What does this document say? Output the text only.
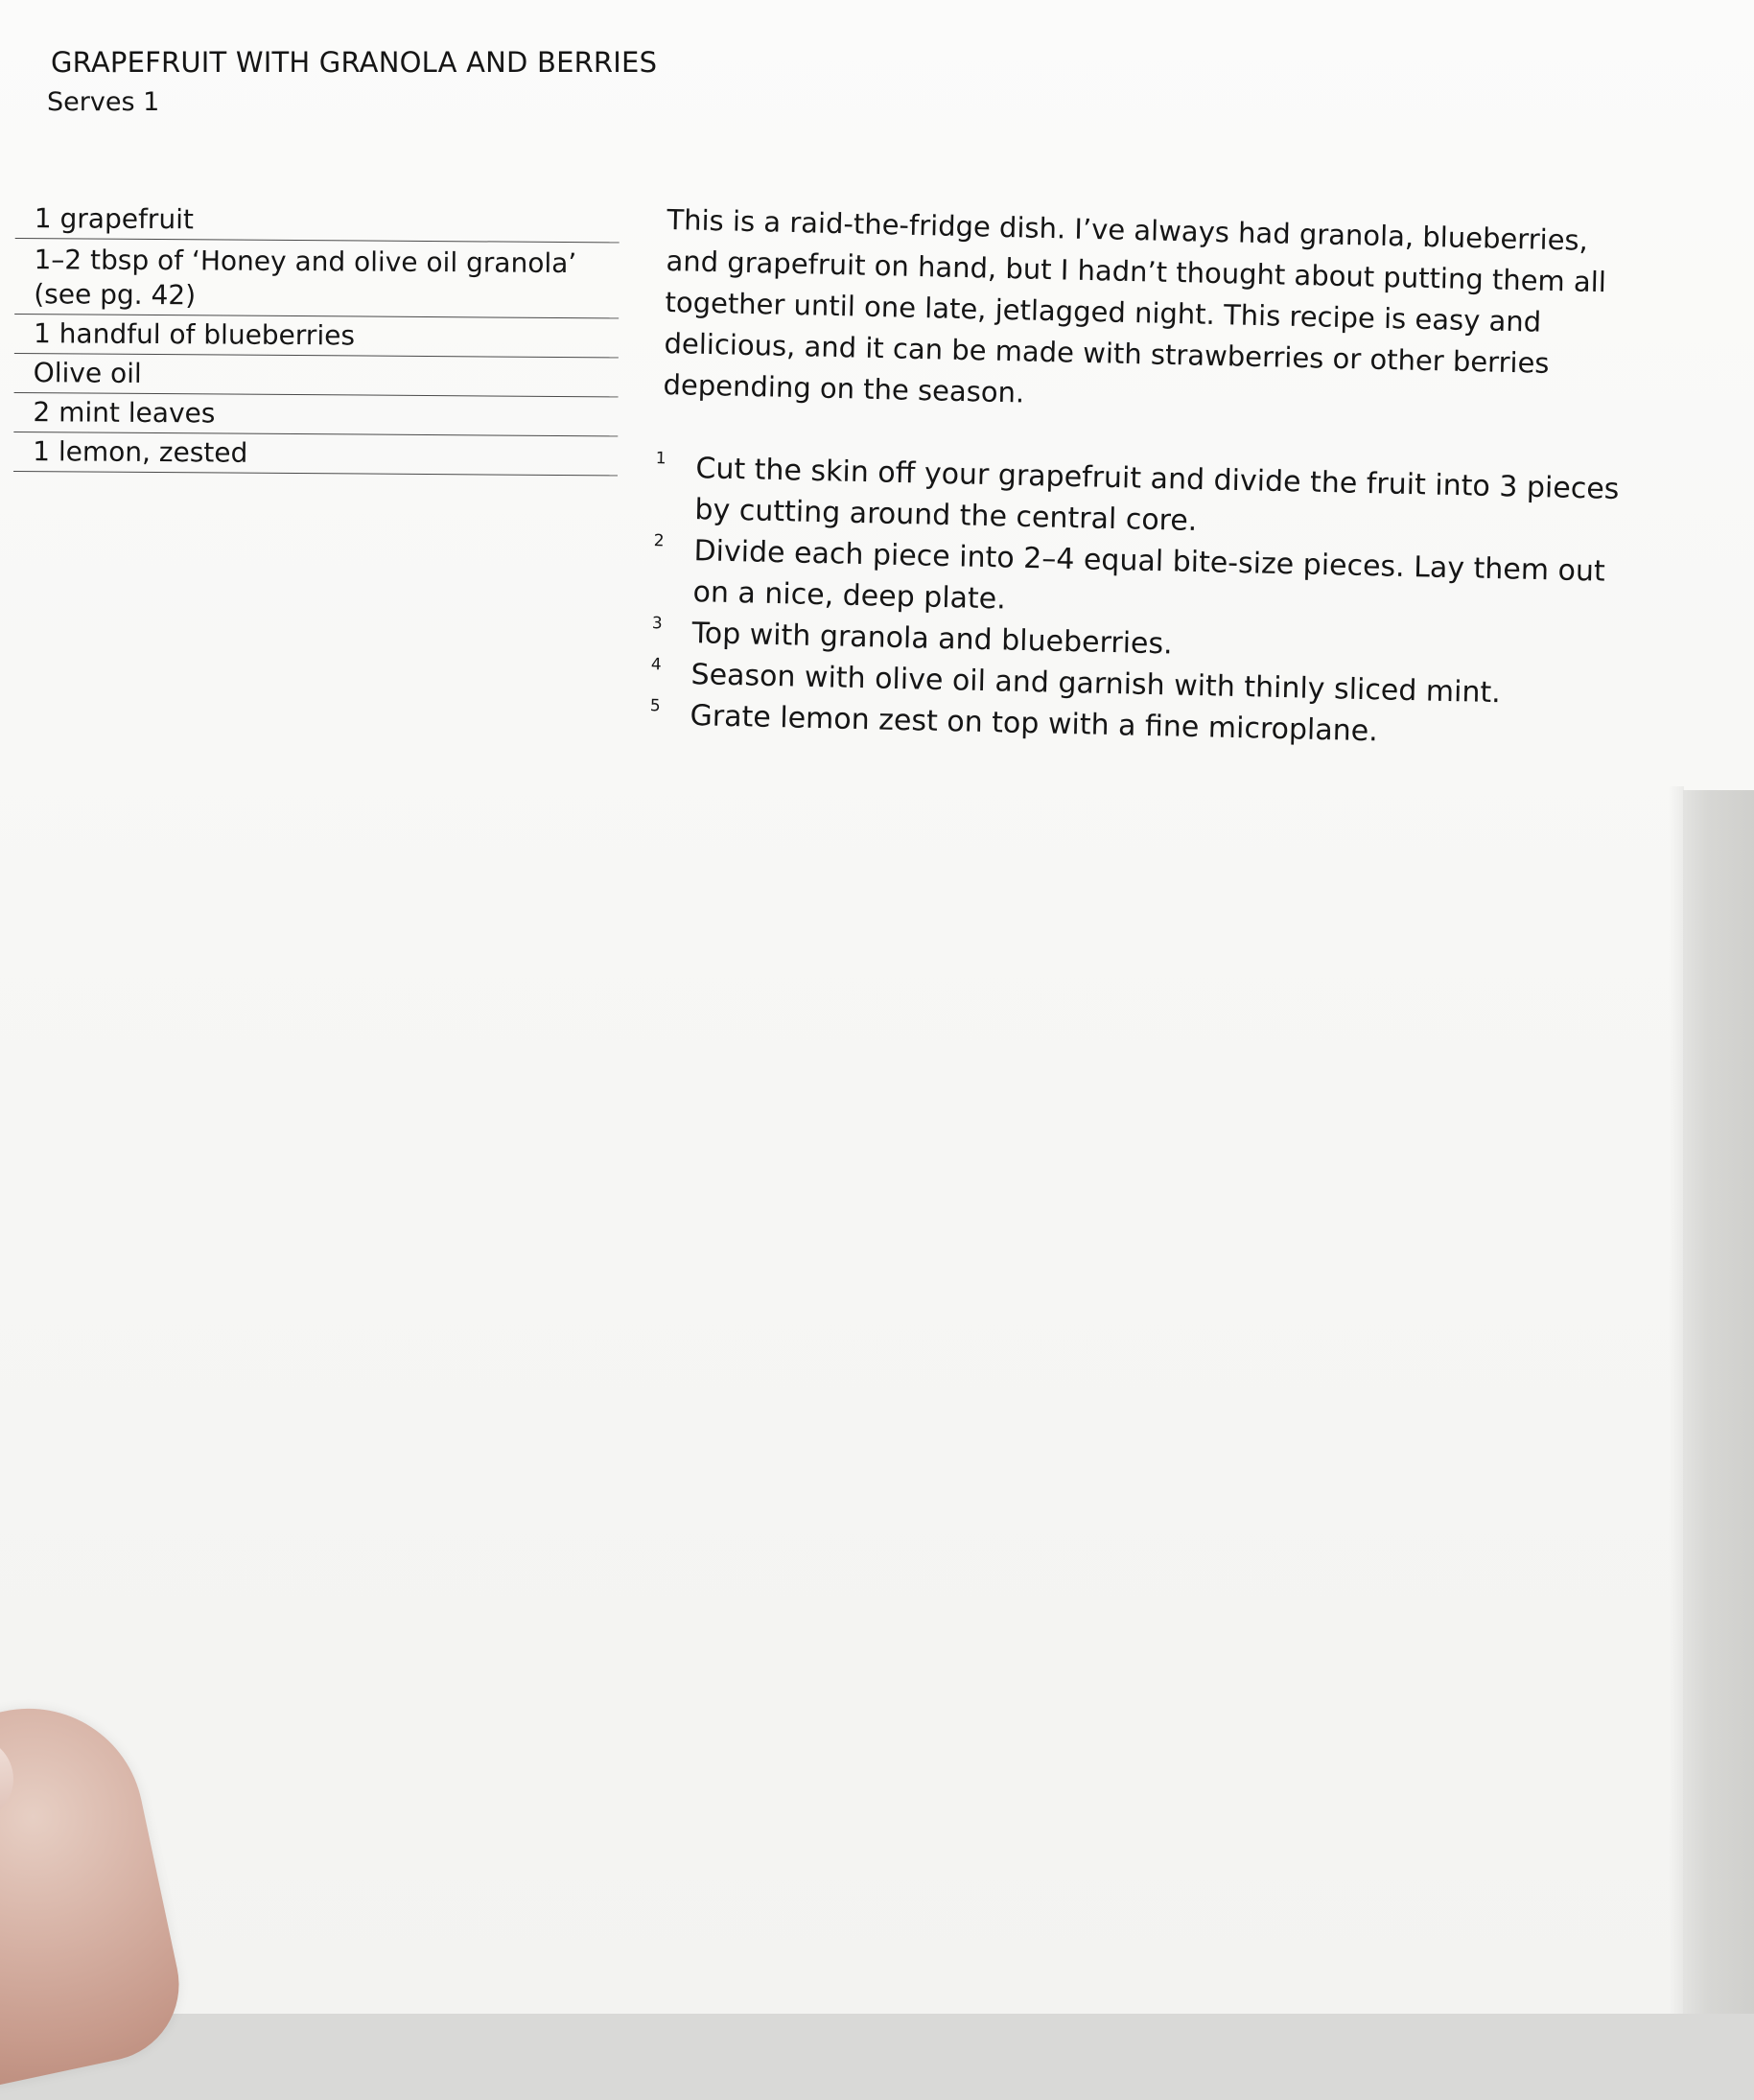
GRAPEFRUIT WITH GRANOLA AND BERRIES
Serves 1
1 grapefruit
1–2 tbsp of ‘Honey and olive oil granola’
(see pg. 42)
1 handful of blueberries
Olive oil
2 mint leaves
1 lemon, zested
This is a raid-the-fridge dish. I’ve always had granola, blueberries, and grapefruit on hand, but I hadn’t thought about putting them all together until one late, jetlagged night. This recipe is easy and delicious, and it can be made with strawberries or other berries depending on the season.
1 Cut the skin off your grapefruit and divide the fruit into 3 pieces by cutting around the central core.
2 Divide each piece into 2–4 equal bite-size pieces. Lay them out on a nice, deep plate.
3 Top with granola and blueberries.
4 Season with olive oil and garnish with thinly sliced mint.
5 Grate lemon zest on top with a fine microplane.
